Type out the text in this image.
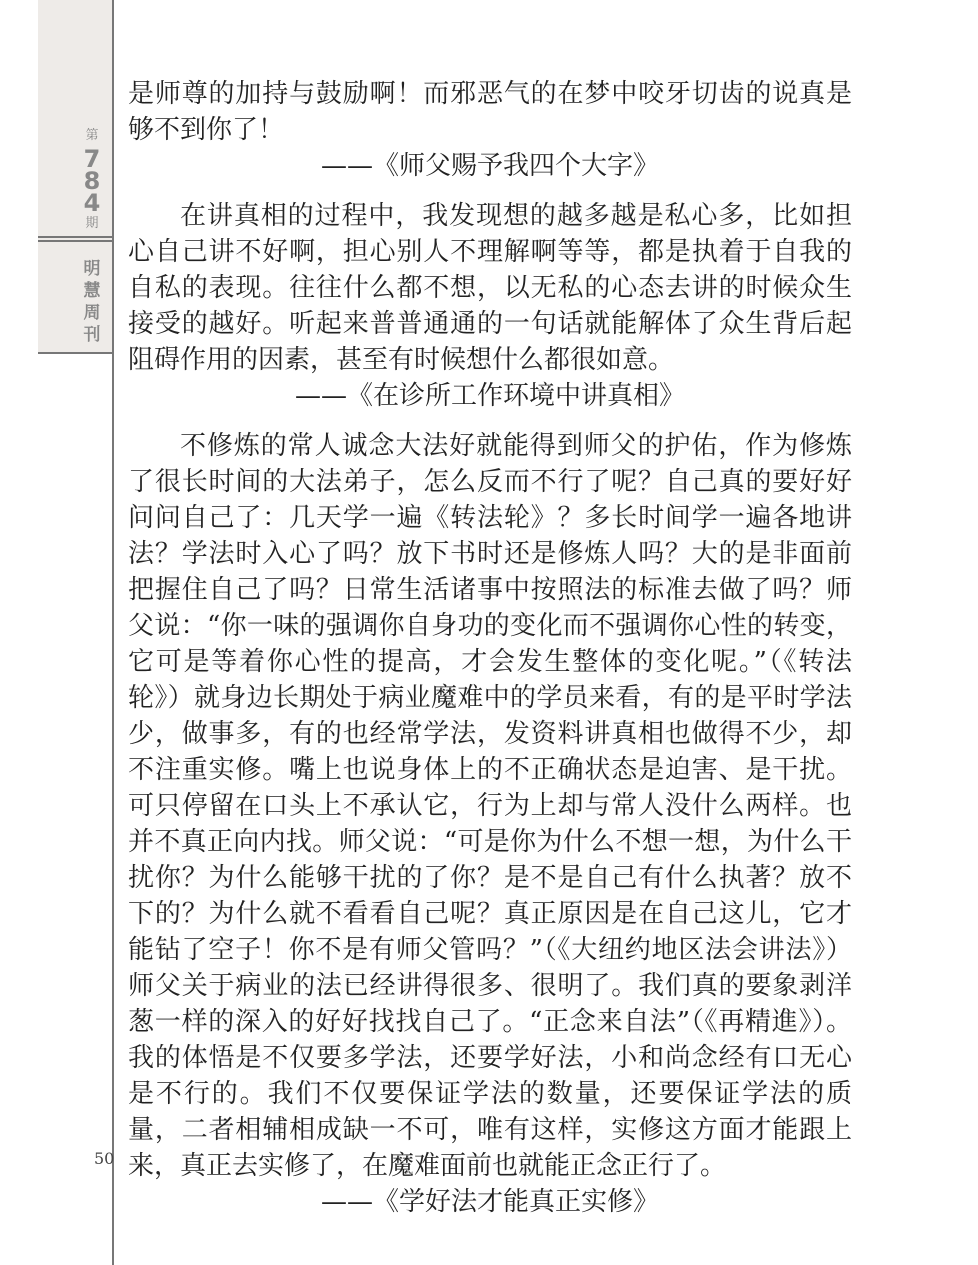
第
784
期
明慧周刊
50

是师尊的加持与鼓励啊！而邪恶气的在梦中咬牙切齿的说真是够不到你了！

——《师父赐予我四个大字》

在讲真相的过程中，我发现想的越多越是私心多，比如担心自己讲不好啊，担心别人不理解啊等等，都是执着于自我的自私的表现。往往什么都不想，以无私的心态去讲的时候众生接受的越好。听起来普普通通的一句话就能解体了众生背后起阻碍作用的因素，甚至有时候想什么都很如意。

——《在诊所工作环境中讲真相》

不修炼的常人诚念大法好就能得到师父的护佑，作为修炼了很长时间的大法弟子，怎么反而不行了呢？自己真的要好好问问自己了：几天学一遍《转法轮》？多长时间学一遍各地讲法？学法时入心了吗？放下书时还是修炼人吗？大的是非面前把握住自己了吗？日常生活诸事中按照法的标准去做了吗？师父说：“你一味的强调你自身功的变化而不强调你心性的转变，它可是等着你心性的提高，才会发生整体的变化呢。”（《转法轮》）就身边长期处于病业魔难中的学员来看，有的是平时学法少，做事多，有的也经常学法，发资料讲真相也做得不少，却不注重实修。嘴上也说身体上的不正确状态是迫害、是干扰。可只停留在口头上不承认它，行为上却与常人没什么两样。也并不真正向内找。师父说：“可是你为什么不想一想，为什么干扰你？为什么能够干扰的了你？是不是自己有什么执著？放不下的？为什么就不看看自己呢？真正原因是在自己这儿，它才能钻了空子！你不是有师父管吗？”（《大纽约地区法会讲法》）师父关于病业的法已经讲得很多、很明了。我们真的要象剥洋葱一样的深入的好好找找自己了。“正念来自法”（《再精進》）。我的体悟是不仅要多学法，还要学好法，小和尚念经有口无心是不行的。我们不仅要保证学法的数量，还要保证学法的质量，二者相辅相成缺一不可，唯有这样，实修这方面才能跟上来，真正去实修了，在魔难面前也就能正念正行了。

——《学好法才能真正实修》
